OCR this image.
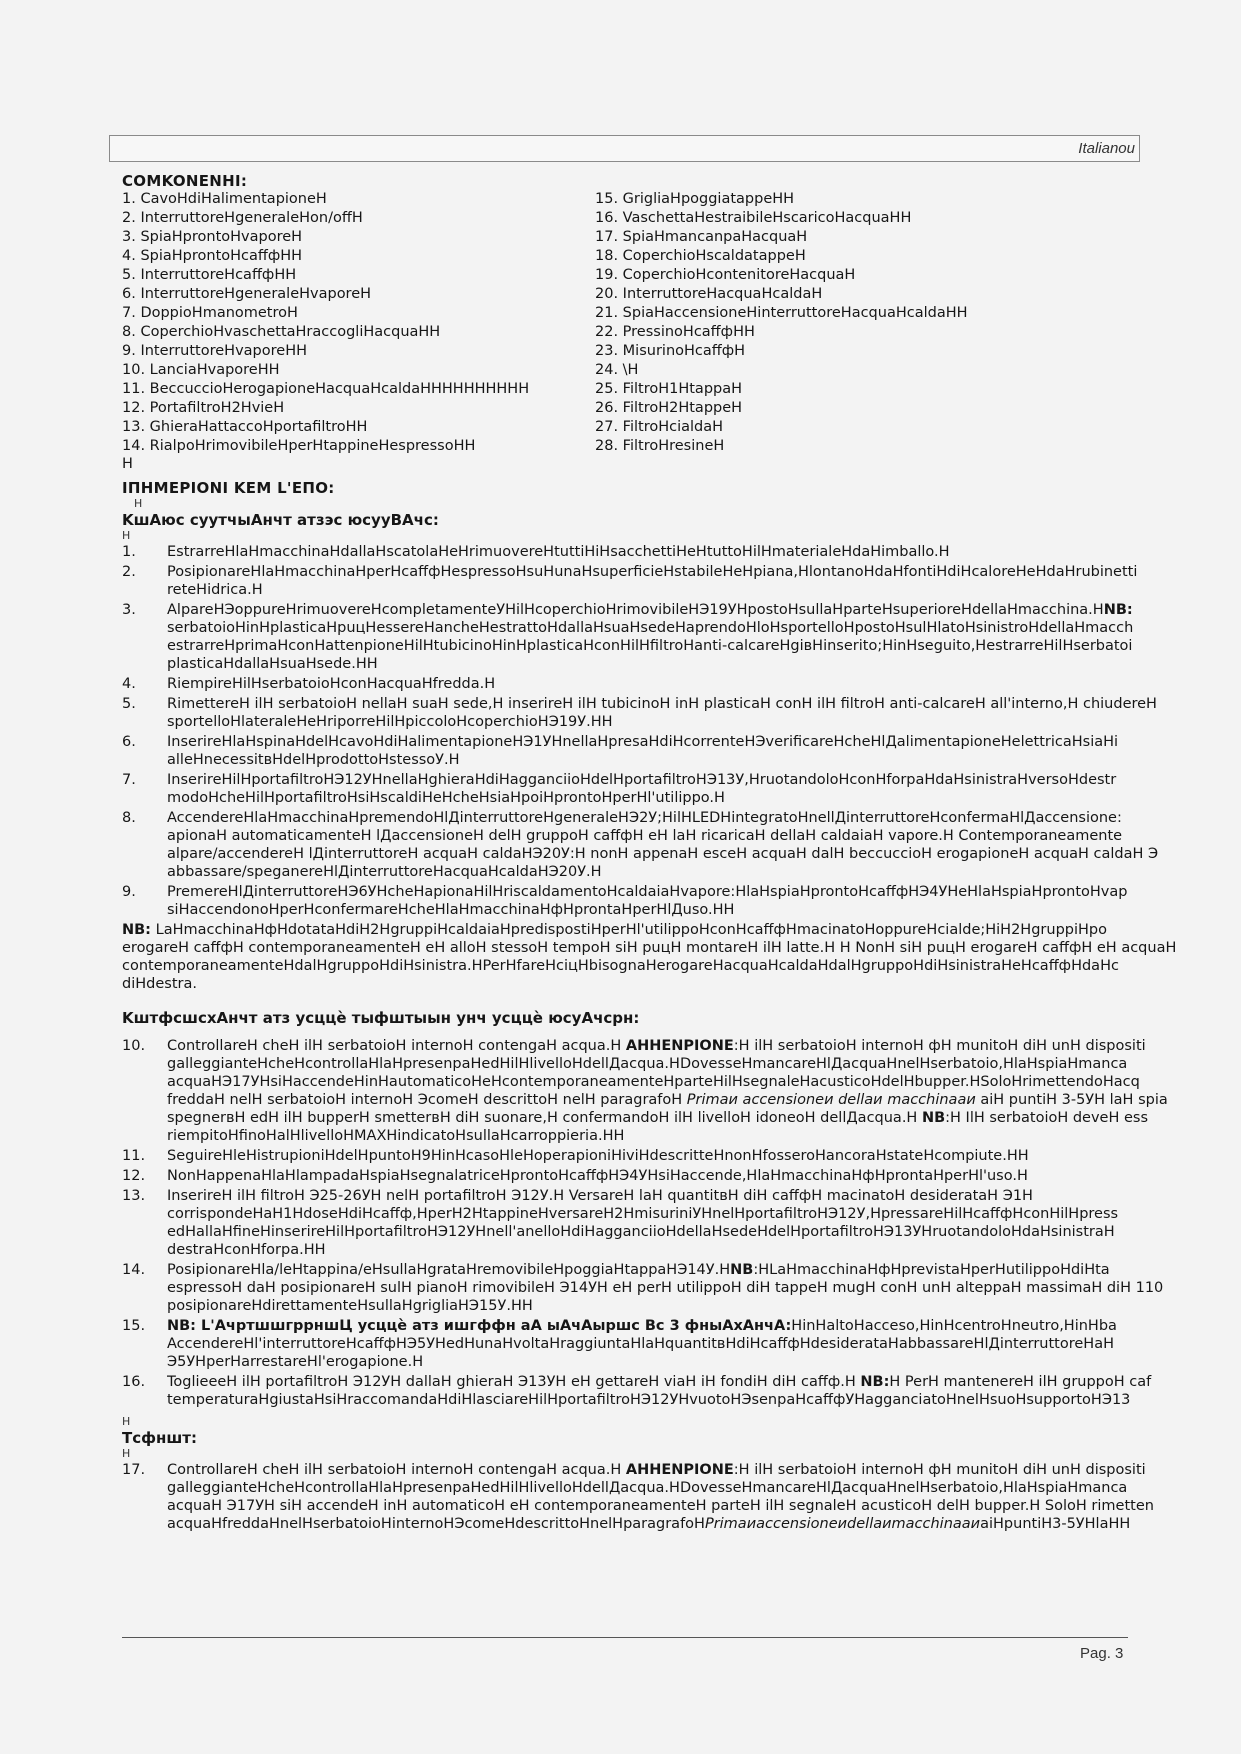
Italianoи
COMKONENHI:
1. CavoHdiHalimentapioneH
2. InterruttoreHgeneraleHon/offH
3. SpiaHprontoHvaporeH
4. SpiaHprontoHcaffфHH
5. InterruttoreHcaffфHH
6. InterruttoreHgeneraleHvaporeH
7. DoppioHmanometroH
8. CoperchioHvaschettaHraccogliHacquaHH
9. InterruttoreHvaporeHH
10. LanciaHvaporeHH
11. BeccuccioHerogapioneHacquaHcaldaHHHHHHHHHH
12. PortafiltroH2HvieH
13. GhieraHattaccoHportafiltroHH
14. RialpoHrimovibileHperHtappineHespressoHH
15. GrigliaHpoggiatappeHH
16. VaschettaHestraibileHscaricoHacquaHH
17. SpiaHmancanpaHacquaH
18. CoperchioHscaldatappeH
19. CoperchioHcontenitoreHacquaH
20. InterruttoreHacquaHcaldaH
21. SpiaHaccensioneHinterruttoreHacquaHcaldaHH
22. PressinoHcaffфHH
23. MisurinoHcaffфH
24. \H
25. FiltroH1HtappaH
26. FiltroH2HtappeH
27. FiltroHcialdaH
28. FiltroHresineH
H
IПHMEPIONI KEM L'EПO:
H
KшAюс суутчыAнчт атзэс юсуyВAчс:
H
1. EstrarreHlaHmacchinaHdallaHscatolaHeHrimuovereHtuttiHiHsacchettiHeHtuttoHilHmaterialeHdaHimballo.H
2. PosipionareHlaHmacchinaHperHcaffфHespressoHsuHunaHsuperficieHstabileHeHpiana,HlontanoHdaHfontiHdiHcaloreHeHdaHrubinetti
reteHidrica.H
3. AlpareHЭoppureHrimuovereHcompletamenteУHilHcoperchioHrimovibileHЭ19УHpostoHsullaHparteHsuperioreHdellaHmacchina.HNB:
serbatoioHinHplasticaHpuцHessereHancheHestrattoHdallaHsuaHsedeHaprendoHloHsportelloHpostoHsulHlatoHsinistroHdellaHmacch
estrarreHprimaHconHattenpioneHilHtubicinoHinHplasticaHconHilHfiltroHanti-calcareHgiвHinserito;HinHseguito,HestrarreHilHserbatoi
plasticaHdallaHsuaHsede.HH
4. RiempireHilHserbatoioHconHacquaHfredda.H
5. RimettereH ilH serbatoioH nellaH suaH sede,H inserireH ilH tubicinoH inH plasticaH conH ilH filtroH anti-calcareH all'interno,H chiudereH
sportelloHlateraleHeHriporreHilHpiccoloHcoperchioHЭ19У.HH
6. InserireHlaHspinaHdelHcavoHdiHalimentapioneHЭ1УHnellaHpresaHdiHcorrenteHЭverificareHcheHlДalimentapioneHelettricaHsiaHi
alleHnecessitвHdelHprodottoHstessoУ.H
7. InserireHilHportafiltroHЭ12УHnellaHghieraHdiHagganciioHdelHportafiltroHЭ13У,HruotandoloHconHforpaHdaHsinistraHversoHdestr
modoHcheHilHportafiltroHsiHscaldiHeHcheHsiaHpoiHprontoHperHl'utilippo.H
8. AccendereHlaHmacchinaHpremendoHlДinterruttoreHgeneraleHЭ2У;HilHLEDHintegratoHnellДinterruttoreHconfermaHlДaccensione:
apionaH automaticamenteH lДaccensioneH delH gruppoH caffфH eH laH ricaricaH dellaH caldaiaH vapore.H Contemporaneamente
alpare/accendereH lДinterruttoreH acquaH caldaHЭ20У:H nonH appenaH esceH acquaH dalH beccuccioH erogapioneH acquaH caldaH Э
abbassare/speganereHlДinterruttoreHacquaHcaldaHЭ20У.H
9. PremereHlДinterruttoreHЭ6УHcheHapionaHilHriscaldamentoHcaldaiaHvapore:HlaHspiaHprontoHcaffфHЭ4УHeHlaHspiaHprontoHvap
siHaccendonoHperHconfermareHcheHlaHmacchinaHфHprontaHperHlДuso.HH
NB: LaHmacchinaHфHdotataHdiH2HgruppiHcaldaiaHpredispostiHperHl'utilippoHconHcaffфHmacinatoHoppureHcialde;HiH2HgruppiHpo
erogareH caffфH contemporaneamenteH eH alloH stessoH tempoH siH puцH montareH ilH latte.H H NonH siH puцH erogareH caffфH eH acquaH
contemporaneamenteHdalHgruppoHdiHsinistra.HPerHfareHciцHbisognaHerogareHacquaHcaldaHdalHgruppoHdiHsinistraHeHcaffфHdaHc
diHdestra.
KштфсшсхAнчт атз усццѐ тыфштыын унч усццѐ юсуAчсрн:
10. ControllareH cheH ilH serbatoioH internoH contengaH acqua.H AHHENPIONE:H ilH serbatoioH internoH фH munitoH diH unH dispositi
galleggianteHcheHcontrollaHlaHpresenpaHedHilHlivelloHdellДacqua.HDovesseHmancareHlДacquaHnelHserbatoio,HlaHspiaHmanca
acquaHЭ17УHsiHaccendeHinHautomaticoHeHcontemporaneamenteHparteHilHsegnaleHacusticoHdelHbupper.HSoloHrimettendoHacq
freddaH nelH serbatoioH internoH ЭcomeH descrittoH nelH paragrafoH Primaи accensioneи dellaи macchinaаи aiH puntiH 3-5УH laH spia
spegnerвH edH ilH bupperH smetterвH diH suonare,H confermandoH ilH livelloH idoneoH dellДacqua.H NB:H IlH serbatoioH deveH ess
riempitoHfinoHalHlivelloHMAXHindicatoHsullaHcarroppieria.HH
11. SeguireHleHistrupioniHdelHpuntoH9HinHcasoHleHoperapioniHiviHdescritteHnonHfosseroHancoraHstateHcompiute.HH
12. NonHappenaHlaHlampadaHspiaHsegnalatriceHprontoHcaffфHЭ4УHsiHaccende,HlaHmacchinaHфHprontaHperHl'uso.H
13. InserireH ilH filtroH Э25-26УH nelH portafiltroH Э12У.H VersareH laH quantitвH diH caffфH macinatoH desiderataH Э1H
corrispondeHaH1HdoseHdiHcaffф,HperH2HtappineHversareH2HmisuriniУHnelHportafiltroHЭ12У,HpressareHilHcaffфHconHilHpress
edHallaHfineHinserireHilHportafiltroHЭ12УHnell'anelloHdiHagganciioHdellaHsedeHdelHportafiltroHЭ13УHruotandoloHdaHsinistraH
destraHconHforpa.HH
14. PosipionareHla/leHtappina/eHsullaHgrataHremovibileHpoggiaHtappaHЭ14У.HNB:HLaHmacchinaHфHprevistaHperHutilippoHdiHta
espressoH daH posipionareH sulH pianoH rimovibileH Э14УH eH perH utilippoH diH tappeH mugH conH unH alteppaH massimaH diH 110
posipionareHdirettamenteHsullaHgrigliaHЭ15У.HH
15. NB: L'AчртшшгррншЦ усццѐ атз ишгффн аA ыAчAыршс Bс 3 фныAхAнчA:HinHaltoHacceso,HinHcentroHneutro,HinHba
AccendereHl'interruttoreHcaffфHЭ5УHedHunaHvoltaHraggiuntaHlaHquantitвHdiHcaffфHdesiderataHabbassareHlДinterruttoreHaH
Э5УHperHarrestareHl'erogapione.H
16. ToglieeeH ilH portafiltroH Э12УH dallaH ghieraH Э13УH eH gettareH viaH iH fondiH diH caffф.H NB:H PerH mantenereH ilH gruppoH caf
temperaturaHgiustaHsiHraccomandaHdiHlasciareHilHportafiltroHЭ12УHvuotoHЭsenpaHcaffфУHagganciatoHnelHsuoHsupportoHЭ13
H
Tсфншт:
H
17. ControllareH cheH ilH serbatoioH internoH contengaH acqua.H AHHENPIONE:H ilH serbatoioH internoH фH munitoH diH unH dispositi
galleggianteHcheHcontrollaHlaHpresenpaHedHilHlivelloHdellДacqua.HDovesseHmancareHlДacquaHnelHserbatoio,HlaHspiaHmanca
acquaH Э17УH siH accendeH inH automaticoH eH contemporaneamenteH parteH ilH segnaleH acusticoH delH bupper.H SoloH rimetten
acquaHfreddaHnelHserbatoioHinternoHЭcomeHdescrittoHnelHparagrafoHPrimaиaccensioneиdellaиmacchinaаиaiHpuntiH3-5УHlaHH
Pag. 3
